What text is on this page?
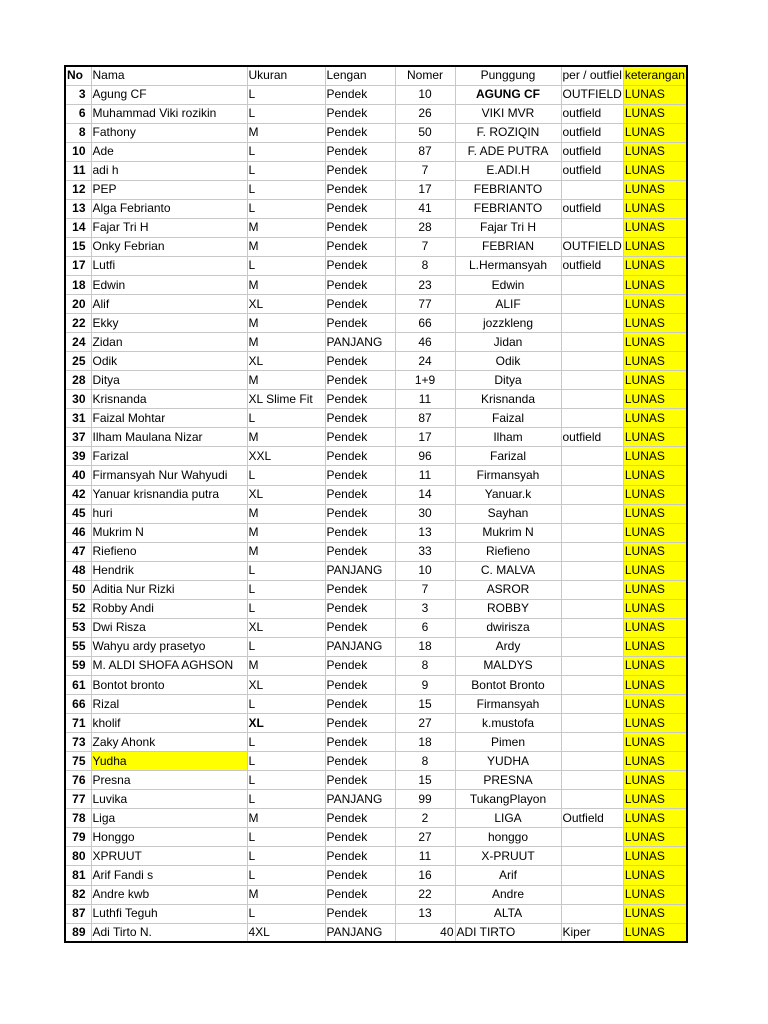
No	Nama	Ukuran	Lengan	Nomer	Punggung	per / outfiel	keterangan
3	Agung CF	L	Pendek	10	AGUNG CF	OUTFIELD	LUNAS
6	Muhammad Viki rozikin	L	Pendek	26	VIKI MVR	outfield	LUNAS
8	Fathony	M	Pendek	50	F. ROZIQIN	outfield	LUNAS
10	Ade	L	Pendek	87	F. ADE PUTRA	outfield	LUNAS
11	adi h	L	Pendek	7	E.ADI.H	outfield	LUNAS
12	PEP	L	Pendek	17	FEBRIANTO		LUNAS
13	Alga Febrianto	L	Pendek	41	FEBRIANTO	outfield	LUNAS
14	Fajar Tri H	M	Pendek	28	Fajar Tri H		LUNAS
15	Onky Febrian	M	Pendek	7	FEBRIAN	OUTFIELD	LUNAS
17	Lutfi	L	Pendek	8	L.Hermansyah	outfield	LUNAS
18	Edwin	M	Pendek	23	Edwin		LUNAS
20	Alif	XL	Pendek	77	ALIF		LUNAS
22	Ekky	M	Pendek	66	jozzkleng		LUNAS
24	Zidan	M	PANJANG	46	Jidan		LUNAS
25	Odik	XL	Pendek	24	Odik		LUNAS
28	Ditya	M	Pendek	1+9	Ditya		LUNAS
30	Krisnanda	XL Slime Fit	Pendek	11	Krisnanda		LUNAS
31	Faizal Mohtar	L	Pendek	87	Faizal		LUNAS
37	Ilham Maulana Nizar	M	Pendek	17	Ilham	outfield	LUNAS
39	Farizal	XXL	Pendek	96	Farizal		LUNAS
40	Firmansyah Nur Wahyudi	L	Pendek	11	Firmansyah		LUNAS
42	Yanuar krisnandia putra	XL	Pendek	14	Yanuar.k		LUNAS
45	huri	M	Pendek	30	Sayhan		LUNAS
46	Mukrim N	M	Pendek	13	Mukrim N		LUNAS
47	Riefieno	M	Pendek	33	Riefieno		LUNAS
48	Hendrik	L	PANJANG	10	C. MALVA		LUNAS
50	Aditia Nur Rizki	L	Pendek	7	ASROR		LUNAS
52	Robby Andi	L	Pendek	3	ROBBY		LUNAS
53	Dwi Risza	XL	Pendek	6	dwirisza		LUNAS
55	Wahyu ardy prasetyo	L	PANJANG	18	Ardy		LUNAS
59	M. ALDI SHOFA AGHSON	M	Pendek	8	MALDYS		LUNAS
61	Bontot bronto	XL	Pendek	9	Bontot Bronto		LUNAS
66	Rizal	L	Pendek	15	Firmansyah		LUNAS
71	kholif	XL	Pendek	27	k.mustofa		LUNAS
73	Zaky Ahonk	L	Pendek	18	Pimen		LUNAS
75	Yudha	L	Pendek	8	YUDHA		LUNAS
76	Presna	L	Pendek	15	PRESNA		LUNAS
77	Luvika	L	PANJANG	99	TukangPlayon		LUNAS
78	Liga	M	Pendek	2	LIGA	Outfield	LUNAS
79	Honggo	L	Pendek	27	honggo		LUNAS
80	XPRUUT	L	Pendek	11	X-PRUUT		LUNAS
81	Arif Fandi s	L	Pendek	16	Arif		LUNAS
82	Andre kwb	M	Pendek	22	Andre		LUNAS
87	Luthfi Teguh	L	Pendek	13	ALTA		LUNAS
89	Adi Tirto N.	4XL	PANJANG	40	ADI TIRTO	Kiper	LUNAS
